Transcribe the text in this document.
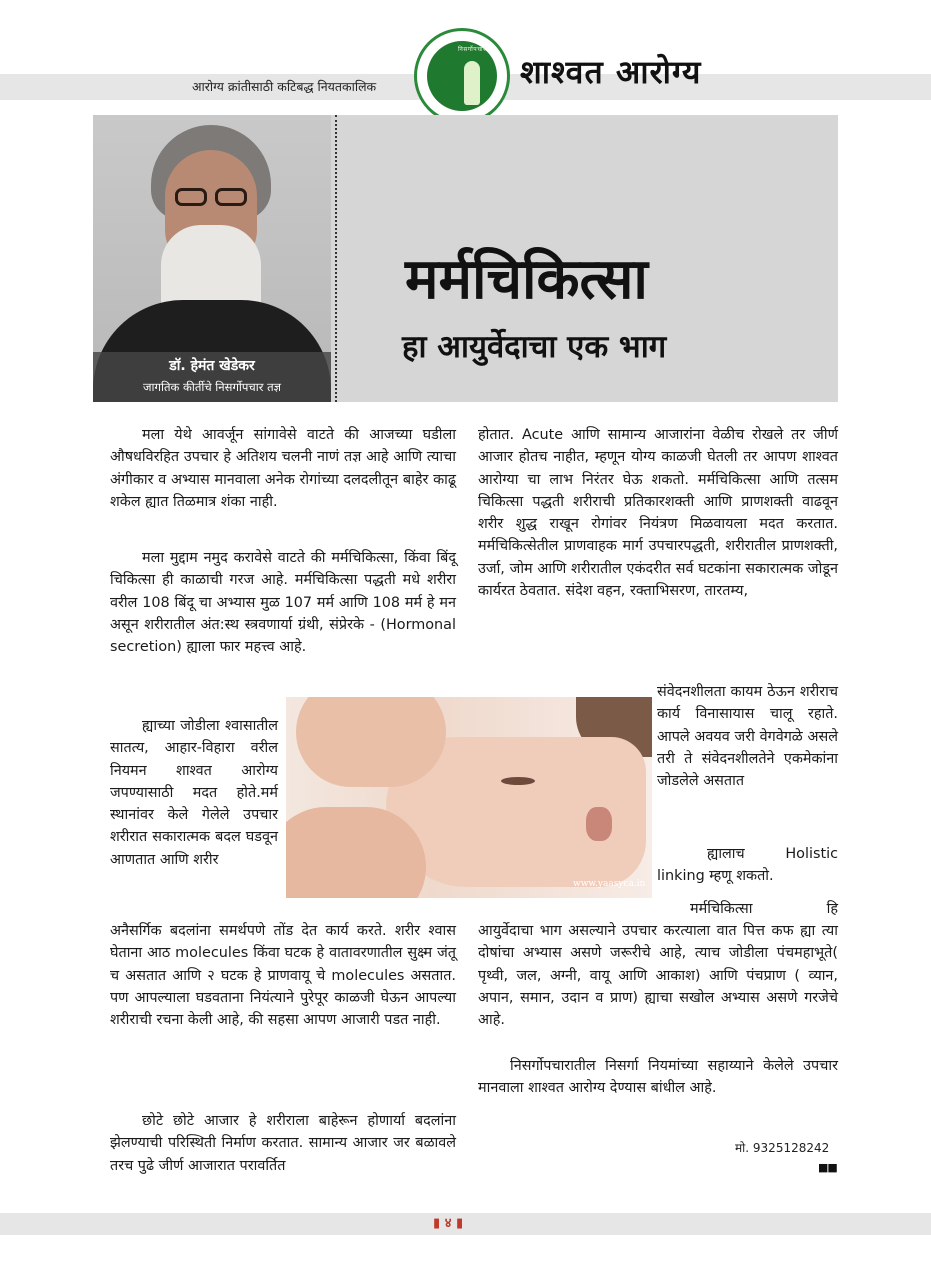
आरोग्य क्रांतीसाठी कटिबद्ध नियतकालिक
निसर्गोपचार
शाश्वत आरोग्य
डॉ. हेमंत खेडेकर
जागतिक कीर्तीचे निसर्गोपचार तज्ञ
मर्मचिकित्सा
हा आयुर्वेदाचा एक भाग

मला येथे आवर्जून सांगावेसे वाटते की आजच्या घडीला औषधविरहित उपचार हे अतिशय चलनी नाणं तज्ञ आहे आणि त्याचा अंगीकार व अभ्यास मानवाला अनेक रोगांच्या दलदलीतून बाहेर काढू शकेल ह्यात तिळमात्र शंका नाही.

मला मुद्दाम नमुद करावेसे वाटते की मर्मचिकित्सा, किंवा बिंदू चिकित्सा ही काळाची गरज आहे. मर्मचिकित्सा पद्धती मधे शरीरा वरील 108 बिंदू चा अभ्यास मुळ 107 मर्म आणि 108 मर्म हे मन असून शरीरातील अंत:स्थ स्त्रवणार्या ग्रंथी, संप्रेरके - (Hormonal secretion) ह्याला फार महत्त्व आहे.

ह्याच्या जोडीला श्वासातील सातत्य, आहार-विहारा वरील नियमन शाश्वत आरोग्य जपण्यासाठी मदत होते.मर्म स्थानांवर केले गेलेले उपचार शरीरात सकारात्मक बदल घडवून आणतात आणि शरीर

अनैसर्गिक बदलांना समर्थपणे तोंड देत कार्य करते. शरीर श्वास घेताना आठ molecules किंवा घटक हे वातावरणातील सुक्ष्म जंतू च असतात आणि २ घटक हे प्राणवायू चे molecules असतात. पण आपल्याला घडवताना नियंत्याने पुरेपूर काळजी घेऊन आपल्या शरीराची रचना केली आहे, की सहसा आपण आजारी पडत नाही.

छोटे छोटे आजार हे शरीराला बाहेरून होणार्या बदलांना झेलण्याची परिस्थिती निर्माण करतात. सामान्य आजार जर बळावले तरच पुढे जीर्ण आजारात परावर्तित

होतात. Acute आणि सामान्य आजारांना वेळीच रोखले तर जीर्ण आजार होतच नाहीत, म्हणून योग्य काळजी घेतली तर आपण शाश्वत आरोग्या चा लाभ निरंतर घेऊ शकतो. मर्मचिकित्सा आणि तत्सम चिकित्सा पद्धती शरीराची प्रतिकारशक्ती आणि प्राणशक्ती वाढवून शरीर शुद्ध राखून रोगांवर नियंत्रण मिळवायला मदत करतात. मर्मचिकित्सेतील प्राणवाहक मार्ग उपचारपद्धती, शरीरातील प्राणशक्ती, उर्जा, जोम आणि शरीरातील एकंदरीत सर्व घटकांना सकारात्मक जोडून कार्यरत ठेवतात. संदेश वहन, रक्ताभिसरण, तारतम्य,

संवेदनशीलता कायम ठेऊन शरीराच कार्य विनासायास चालू रहाते. आपले अवयव जरी वेगवेगळे असले तरी ते संवेदनशीलतेने एकमेकांना जोडलेले असतात

ह्यालाच Holistic linking म्हणू शकतो.

मर्मचिकित्सा हि

आयुर्वेदाचा भाग असल्याने उपचार करत्याला वात पित्त कफ ह्या त्या दोषांचा अभ्यास असणे जरूरीचे आहे, त्याच जोडीला पंचमहाभूते( पृथ्वी, जल, अग्नी, वायू आणि आकाश) आणि पंचप्राण ( व्यान, अपान, समान, उदान व प्राण) ह्याचा सखोल अभ्यास असणे गरजेचे आहे.

निसर्गोपचारातील निसर्गा नियमांच्या सहाय्याने केलेले उपचार मानवाला शाश्वत आरोग्य देण्यास बांधील आहे.

www.yaasyca.in
मो. 9325128242
■■
▮ ४ ▮
